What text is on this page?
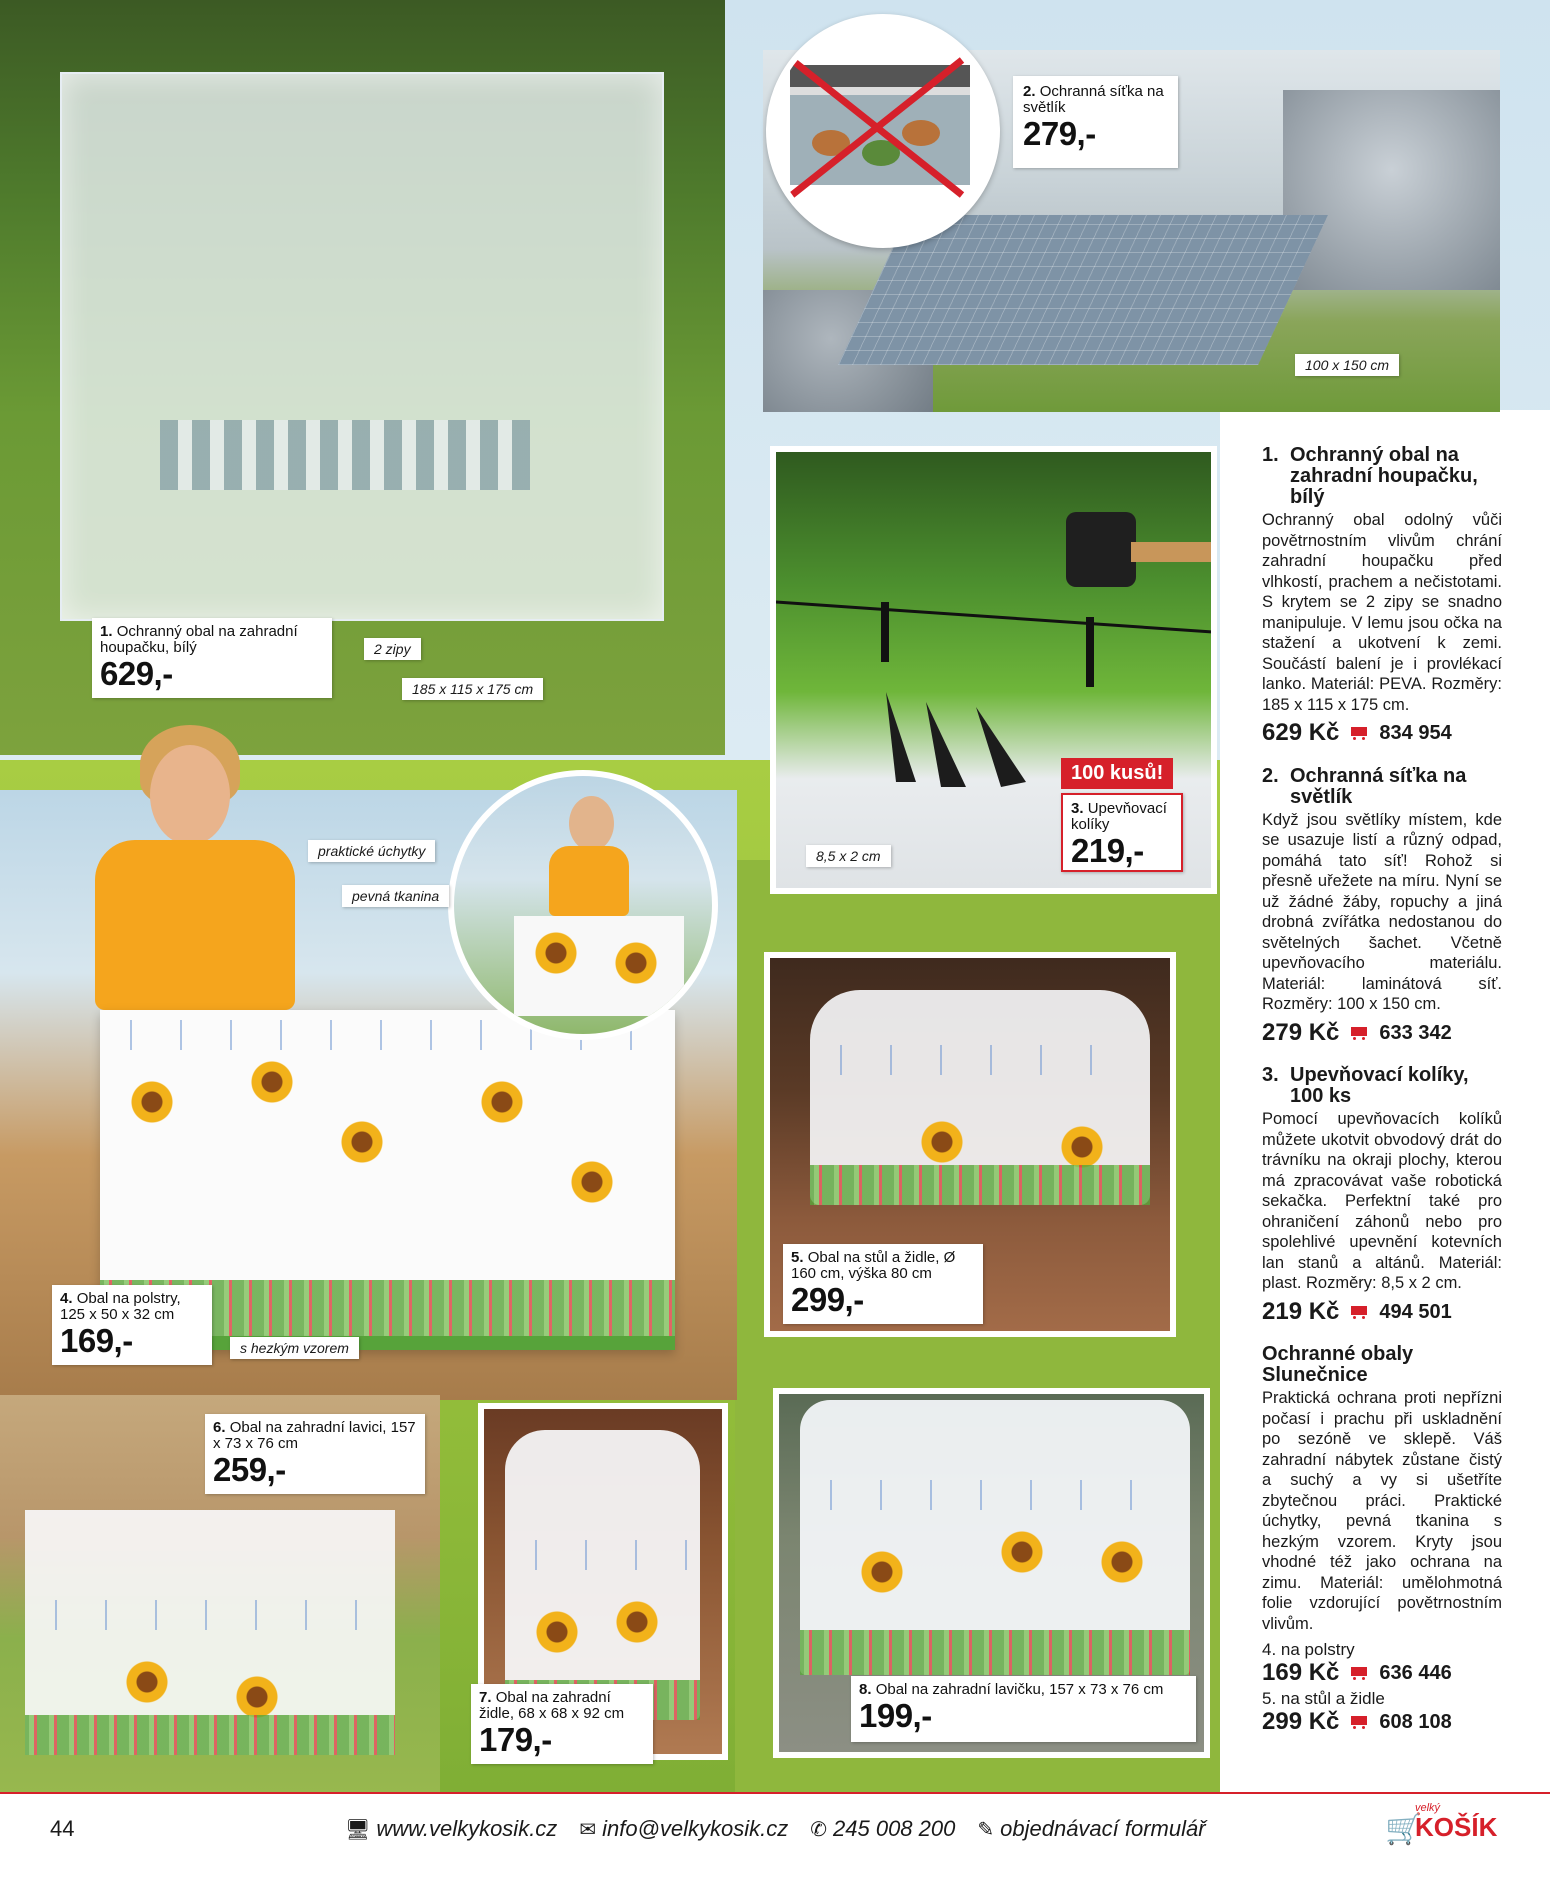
1. Ochranný obal na zahradní houpačku, bílý
629,-
2 zipy
185 x 115 x 175 cm
2. Ochranná síťka na světlík
279,-
100 x 150 cm
100 kusů!
3. Upevňovací kolíky
219,-
8,5 x 2 cm
praktické úchytky
pevná tkanina
4. Obal na polstry, 125 x 50 x 32 cm
169,-	s hezkým vzorem
5. Obal na stůl a židle, Ø 160 cm, výška 80 cm
299,-
6. Obal na zahradní lavici, 157 x 73 x 76 cm
259,-
7. Obal na zahradní židle, 68 x 68 x 92 cm
179,-
8. Obal na zahradní lavičku, 157 x 73 x 76 cm
199,-
1. Ochranný obal na zahradní houpačku, bílý

Ochranný obal odolný vůči povětrnostním vlivům chrání zahradní houpačku před vlhkostí, prachem a nečistotami. S krytem se 2 zipy se snadno manipuluje. V lemu jsou očka na stažení a ukotvení k zemi. Součástí balení je i provlékací lanko. Materiál: PEVA. Rozměry: 185 x 115 x 175 cm.

629 Kč 834 954
2. Ochranná síťka na světlík

Když jsou světlíky místem, kde se usazuje listí a různý odpad, pomáhá tato síť! Rohož si přesně uřežete na míru. Nyní se už žádné žáby, ropuchy a jiná drobná zvířátka nedostanou do světelných šachet. Včetně upevňovacího materiálu. Materiál: laminátová síť. Rozměry: 100 x 150 cm.

279 Kč 633 342
3. Upevňovací kolíky, 100 ks

Pomocí upevňovacích kolíků můžete ukotvit obvodový drát do trávníku na okraji plochy, kterou má zpracovávat vaše robotická sekačka. Perfektní také pro ohraničení záhonů nebo pro spolehlivé upevnění kotevních lan stanů a altánů. Materiál: plast. Rozměry: 8,5 x 2 cm.

219 Kč 494 501
Ochranné obaly Slunečnice

Praktická ochrana proti nepřízni počasí i prachu při uskladnění po sezóně ve sklepě. Váš zahradní nábytek zůstane čistý a suchý a vy si ušetříte zbytečnou práci. Praktické úchytky, pevná tkanina s hezkým vzorem. Kryty jsou vhodné též jako ochrana na zimu. Materiál: umělohmotná folie vzdorující povětrnostním vlivům.

4. na polstry
169 Kč 636 446
5. na stůl a židle
299 Kč 608 108
44	🖥 www.velkykosik.cz ✉ info@velkykosik.cz ✆ 245 008 200 ✎ objednávací formulář	🛒
velký
KOŠÍK
